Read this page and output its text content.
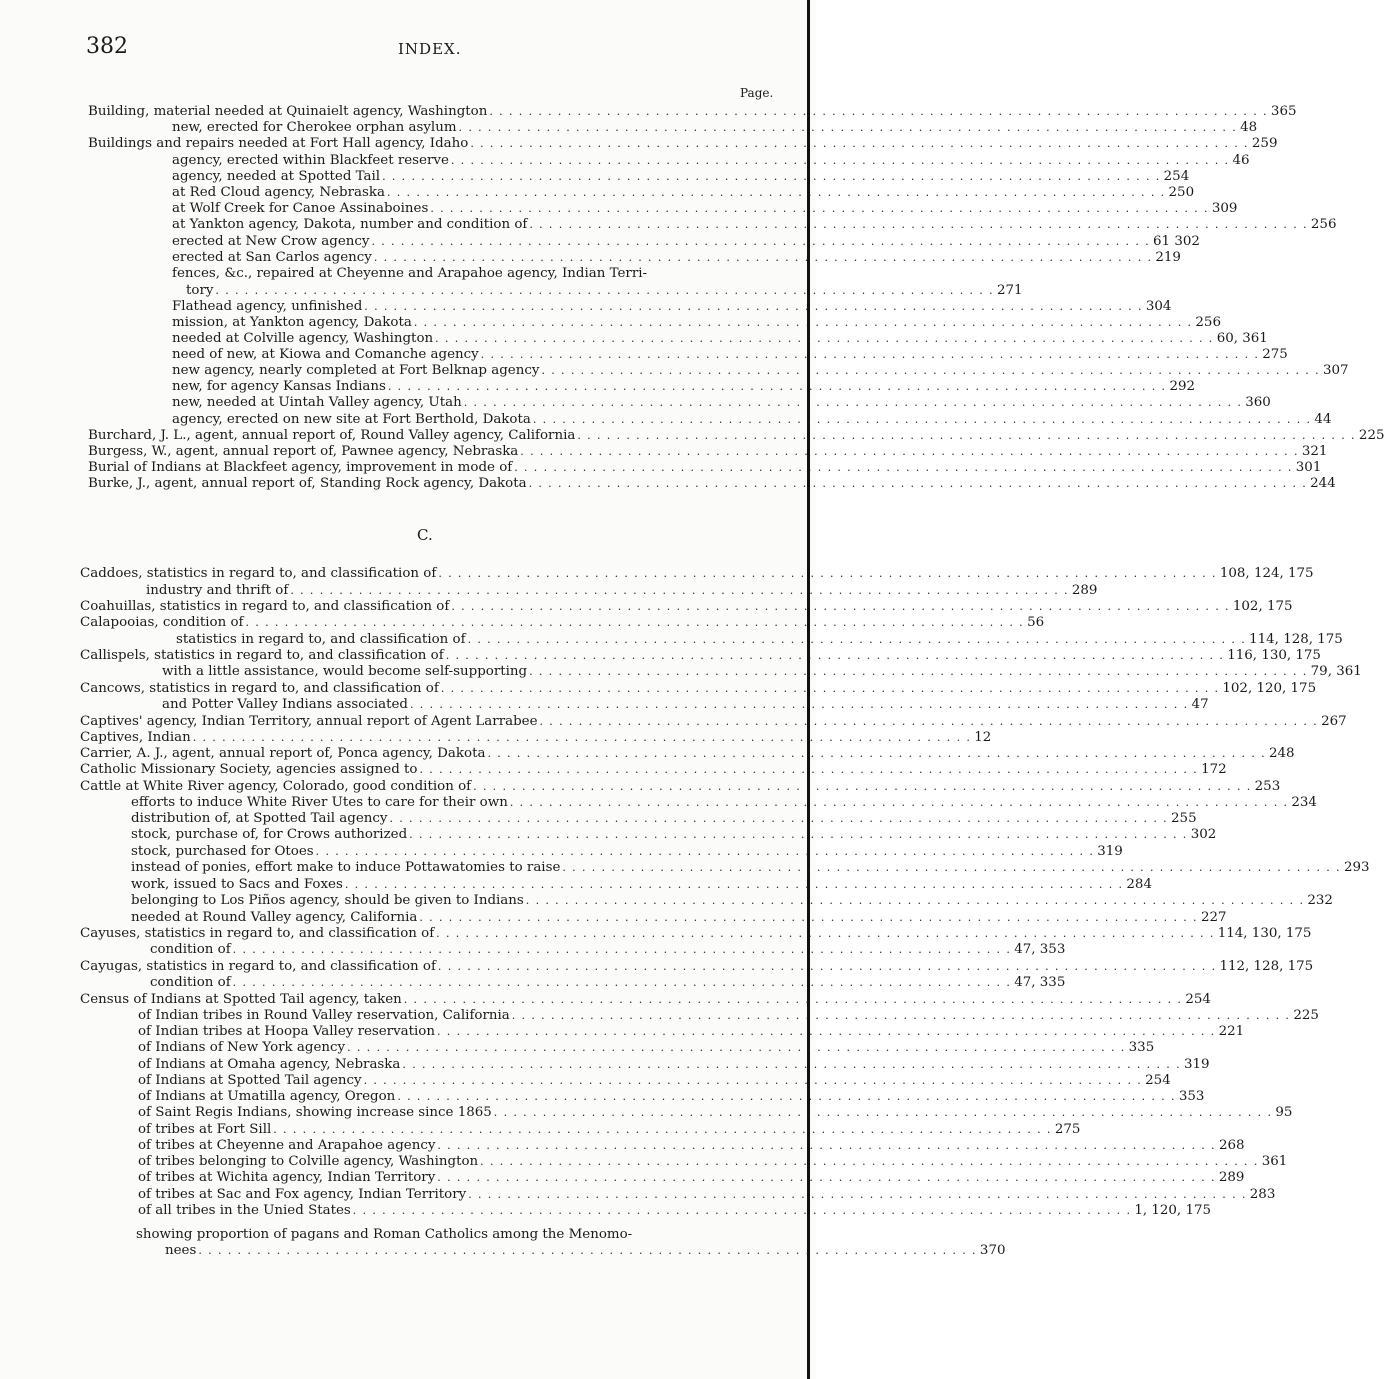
382	INDEX.
Page.
C.
Building, material needed at Quinaielt agency, Washington . . . . . . . . . . . . . . . . . . . . . . . . . . . . . . . . . . . . . . . . . . . . . . . . . . . . . . . . . . . . . . . . . . . . . . . . . . . . . . . . 365
new, erected for Cherokee orphan asylum . . . . . . . . . . . . . . . . . . . . . . . . . . . . . . . . . . . . . . . . . . . . . . . . . . . . . . . . . . . . . . . . . . . . . . . . . . . . . . . . 48
Buildings and repairs needed at Fort Hall agency, Idaho . . . . . . . . . . . . . . . . . . . . . . . . . . . . . . . . . . . . . . . . . . . . . . . . . . . . . . . . . . . . . . . . . . . . . . . . . . . . . . . . 259
agency, erected within Blackfeet reserve . . . . . . . . . . . . . . . . . . . . . . . . . . . . . . . . . . . . . . . . . . . . . . . . . . . . . . . . . . . . . . . . . . . . . . . . . . . . . . . . 46
agency, needed at Spotted Tail . . . . . . . . . . . . . . . . . . . . . . . . . . . . . . . . . . . . . . . . . . . . . . . . . . . . . . . . . . . . . . . . . . . . . . . . . . . . . . . . 254
at Red Cloud agency, Nebraska . . . . . . . . . . . . . . . . . . . . . . . . . . . . . . . . . . . . . . . . . . . . . . . . . . . . . . . . . . . . . . . . . . . . . . . . . . . . . . . . 250
at Wolf Creek for Canoe Assinaboines . . . . . . . . . . . . . . . . . . . . . . . . . . . . . . . . . . . . . . . . . . . . . . . . . . . . . . . . . . . . . . . . . . . . . . . . . . . . . . . . 309
at Yankton agency, Dakota, number and condition of . . . . . . . . . . . . . . . . . . . . . . . . . . . . . . . . . . . . . . . . . . . . . . . . . . . . . . . . . . . . . . . . . . . . . . . . . . . . . . . . 256
erected at New Crow agency . . . . . . . . . . . . . . . . . . . . . . . . . . . . . . . . . . . . . . . . . . . . . . . . . . . . . . . . . . . . . . . . . . . . . . . . . . . . . . . . 61 302
erected at San Carlos agency . . . . . . . . . . . . . . . . . . . . . . . . . . . . . . . . . . . . . . . . . . . . . . . . . . . . . . . . . . . . . . . . . . . . . . . . . . . . . . . . 219
fences, &c., repaired at Cheyenne and Arapahoe agency, Indian Terri-
tory . . . . . . . . . . . . . . . . . . . . . . . . . . . . . . . . . . . . . . . . . . . . . . . . . . . . . . . . . . . . . . . . . . . . . . . . . . . . . . . . 271
Flathead agency, unfinished . . . . . . . . . . . . . . . . . . . . . . . . . . . . . . . . . . . . . . . . . . . . . . . . . . . . . . . . . . . . . . . . . . . . . . . . . . . . . . . . 304
mission, at Yankton agency, Dakota . . . . . . . . . . . . . . . . . . . . . . . . . . . . . . . . . . . . . . . . . . . . . . . . . . . . . . . . . . . . . . . . . . . . . . . . . . . . . . . . 256
needed at Colville agency, Washington . . . . . . . . . . . . . . . . . . . . . . . . . . . . . . . . . . . . . . . . . . . . . . . . . . . . . . . . . . . . . . . . . . . . . . . . . . . . . . . . 60, 361
need of new, at Kiowa and Comanche agency . . . . . . . . . . . . . . . . . . . . . . . . . . . . . . . . . . . . . . . . . . . . . . . . . . . . . . . . . . . . . . . . . . . . . . . . . . . . . . . . 275
new agency, nearly completed at Fort Belknap agency . . . . . . . . . . . . . . . . . . . . . . . . . . . . . . . . . . . . . . . . . . . . . . . . . . . . . . . . . . . . . . . . . . . . . . . . . . . . . . . . 307
new, for agency Kansas Indians . . . . . . . . . . . . . . . . . . . . . . . . . . . . . . . . . . . . . . . . . . . . . . . . . . . . . . . . . . . . . . . . . . . . . . . . . . . . . . . . 292
new, needed at Uintah Valley agency, Utah . . . . . . . . . . . . . . . . . . . . . . . . . . . . . . . . . . . . . . . . . . . . . . . . . . . . . . . . . . . . . . . . . . . . . . . . . . . . . . . . 360
agency, erected on new site at Fort Berthold, Dakota . . . . . . . . . . . . . . . . . . . . . . . . . . . . . . . . . . . . . . . . . . . . . . . . . . . . . . . . . . . . . . . . . . . . . . . . . . . . . . . . 44
Burchard, J. L., agent, annual report of, Round Valley agency, California . . . . . . . . . . . . . . . . . . . . . . . . . . . . . . . . . . . . . . . . . . . . . . . . . . . . . . . . . . . . . . . . . . . . . . . . . . . . . . . . 225
Burgess, W., agent, annual report of, Pawnee agency, Nebraska . . . . . . . . . . . . . . . . . . . . . . . . . . . . . . . . . . . . . . . . . . . . . . . . . . . . . . . . . . . . . . . . . . . . . . . . . . . . . . . . 321
Burial of Indians at Blackfeet agency, improvement in mode of . . . . . . . . . . . . . . . . . . . . . . . . . . . . . . . . . . . . . . . . . . . . . . . . . . . . . . . . . . . . . . . . . . . . . . . . . . . . . . . . 301
Burke, J., agent, annual report of, Standing Rock agency, Dakota . . . . . . . . . . . . . . . . . . . . . . . . . . . . . . . . . . . . . . . . . . . . . . . . . . . . . . . . . . . . . . . . . . . . . . . . . . . . . . . . 244
Caddoes, statistics in regard to, and classification of . . . . . . . . . . . . . . . . . . . . . . . . . . . . . . . . . . . . . . . . . . . . . . . . . . . . . . . . . . . . . . . . . . . . . . . . . . . . . . . . 108, 124, 175
industry and thrift of . . . . . . . . . . . . . . . . . . . . . . . . . . . . . . . . . . . . . . . . . . . . . . . . . . . . . . . . . . . . . . . . . . . . . . . . . . . . . . . . 289
Coahuillas, statistics in regard to, and classification of . . . . . . . . . . . . . . . . . . . . . . . . . . . . . . . . . . . . . . . . . . . . . . . . . . . . . . . . . . . . . . . . . . . . . . . . . . . . . . . . 102, 175
Calapooias, condition of . . . . . . . . . . . . . . . . . . . . . . . . . . . . . . . . . . . . . . . . . . . . . . . . . . . . . . . . . . . . . . . . . . . . . . . . . . . . . . . . 56
statistics in regard to, and classification of . . . . . . . . . . . . . . . . . . . . . . . . . . . . . . . . . . . . . . . . . . . . . . . . . . . . . . . . . . . . . . . . . . . . . . . . . . . . . . . . 114, 128, 175
Callispels, statistics in regard to, and classification of . . . . . . . . . . . . . . . . . . . . . . . . . . . . . . . . . . . . . . . . . . . . . . . . . . . . . . . . . . . . . . . . . . . . . . . . . . . . . . . . 116, 130, 175
with a little assistance, would become self-supporting . . . . . . . . . . . . . . . . . . . . . . . . . . . . . . . . . . . . . . . . . . . . . . . . . . . . . . . . . . . . . . . . . . . . . . . . . . . . . . . . 79, 361
Cancows, statistics in regard to, and classification of . . . . . . . . . . . . . . . . . . . . . . . . . . . . . . . . . . . . . . . . . . . . . . . . . . . . . . . . . . . . . . . . . . . . . . . . . . . . . . . . 102, 120, 175
and Potter Valley Indians associated . . . . . . . . . . . . . . . . . . . . . . . . . . . . . . . . . . . . . . . . . . . . . . . . . . . . . . . . . . . . . . . . . . . . . . . . . . . . . . . . 47
Captives' agency, Indian Territory, annual report of Agent Larrabee . . . . . . . . . . . . . . . . . . . . . . . . . . . . . . . . . . . . . . . . . . . . . . . . . . . . . . . . . . . . . . . . . . . . . . . . . . . . . . . . 267
Captives, Indian . . . . . . . . . . . . . . . . . . . . . . . . . . . . . . . . . . . . . . . . . . . . . . . . . . . . . . . . . . . . . . . . . . . . . . . . . . . . . . . . 12
Carrier, A. J., agent, annual report of, Ponca agency, Dakota . . . . . . . . . . . . . . . . . . . . . . . . . . . . . . . . . . . . . . . . . . . . . . . . . . . . . . . . . . . . . . . . . . . . . . . . . . . . . . . . 248
Catholic Missionary Society, agencies assigned to . . . . . . . . . . . . . . . . . . . . . . . . . . . . . . . . . . . . . . . . . . . . . . . . . . . . . . . . . . . . . . . . . . . . . . . . . . . . . . . . 172
Cattle at White River agency, Colorado, good condition of . . . . . . . . . . . . . . . . . . . . . . . . . . . . . . . . . . . . . . . . . . . . . . . . . . . . . . . . . . . . . . . . . . . . . . . . . . . . . . . . 253
efforts to induce White River Utes to care for their own . . . . . . . . . . . . . . . . . . . . . . . . . . . . . . . . . . . . . . . . . . . . . . . . . . . . . . . . . . . . . . . . . . . . . . . . . . . . . . . . 234
distribution of, at Spotted Tail agency . . . . . . . . . . . . . . . . . . . . . . . . . . . . . . . . . . . . . . . . . . . . . . . . . . . . . . . . . . . . . . . . . . . . . . . . . . . . . . . . 255
stock, purchase of, for Crows authorized . . . . . . . . . . . . . . . . . . . . . . . . . . . . . . . . . . . . . . . . . . . . . . . . . . . . . . . . . . . . . . . . . . . . . . . . . . . . . . . . 302
stock, purchased for Otoes . . . . . . . . . . . . . . . . . . . . . . . . . . . . . . . . . . . . . . . . . . . . . . . . . . . . . . . . . . . . . . . . . . . . . . . . . . . . . . . . 319
instead of ponies, effort make to induce Pottawatomies to raise . . . . . . . . . . . . . . . . . . . . . . . . . . . . . . . . . . . . . . . . . . . . . . . . . . . . . . . . . . . . . . . . . . . . . . . . . . . . . . . . 293
work, issued to Sacs and Foxes . . . . . . . . . . . . . . . . . . . . . . . . . . . . . . . . . . . . . . . . . . . . . . . . . . . . . . . . . . . . . . . . . . . . . . . . . . . . . . . . 284
belonging to Los Piños agency, should be given to Indians . . . . . . . . . . . . . . . . . . . . . . . . . . . . . . . . . . . . . . . . . . . . . . . . . . . . . . . . . . . . . . . . . . . . . . . . . . . . . . . . 232
needed at Round Valley agency, California . . . . . . . . . . . . . . . . . . . . . . . . . . . . . . . . . . . . . . . . . . . . . . . . . . . . . . . . . . . . . . . . . . . . . . . . . . . . . . . . 227
Cayuses, statistics in regard to, and classification of . . . . . . . . . . . . . . . . . . . . . . . . . . . . . . . . . . . . . . . . . . . . . . . . . . . . . . . . . . . . . . . . . . . . . . . . . . . . . . . . 114, 130, 175
condition of . . . . . . . . . . . . . . . . . . . . . . . . . . . . . . . . . . . . . . . . . . . . . . . . . . . . . . . . . . . . . . . . . . . . . . . . . . . . . . . . 47, 353
Cayugas, statistics in regard to, and classification of . . . . . . . . . . . . . . . . . . . . . . . . . . . . . . . . . . . . . . . . . . . . . . . . . . . . . . . . . . . . . . . . . . . . . . . . . . . . . . . . 112, 128, 175
condition of . . . . . . . . . . . . . . . . . . . . . . . . . . . . . . . . . . . . . . . . . . . . . . . . . . . . . . . . . . . . . . . . . . . . . . . . . . . . . . . . 47, 335
Census of Indians at Spotted Tail agency, taken . . . . . . . . . . . . . . . . . . . . . . . . . . . . . . . . . . . . . . . . . . . . . . . . . . . . . . . . . . . . . . . . . . . . . . . . . . . . . . . . 254
of Indian tribes in Round Valley reservation, California . . . . . . . . . . . . . . . . . . . . . . . . . . . . . . . . . . . . . . . . . . . . . . . . . . . . . . . . . . . . . . . . . . . . . . . . . . . . . . . . 225
of Indian tribes at Hoopa Valley reservation . . . . . . . . . . . . . . . . . . . . . . . . . . . . . . . . . . . . . . . . . . . . . . . . . . . . . . . . . . . . . . . . . . . . . . . . . . . . . . . . 221
of Indians of New York agency . . . . . . . . . . . . . . . . . . . . . . . . . . . . . . . . . . . . . . . . . . . . . . . . . . . . . . . . . . . . . . . . . . . . . . . . . . . . . . . . 335
of Indians at Omaha agency, Nebraska . . . . . . . . . . . . . . . . . . . . . . . . . . . . . . . . . . . . . . . . . . . . . . . . . . . . . . . . . . . . . . . . . . . . . . . . . . . . . . . . 319
of Indians at Spotted Tail agency . . . . . . . . . . . . . . . . . . . . . . . . . . . . . . . . . . . . . . . . . . . . . . . . . . . . . . . . . . . . . . . . . . . . . . . . . . . . . . . . 254
of Indians at Umatilla agency, Oregon . . . . . . . . . . . . . . . . . . . . . . . . . . . . . . . . . . . . . . . . . . . . . . . . . . . . . . . . . . . . . . . . . . . . . . . . . . . . . . . . 353
of Saint Regis Indians, showing increase since 1865 . . . . . . . . . . . . . . . . . . . . . . . . . . . . . . . . . . . . . . . . . . . . . . . . . . . . . . . . . . . . . . . . . . . . . . . . . . . . . . . . 95
of tribes at Fort Sill . . . . . . . . . . . . . . . . . . . . . . . . . . . . . . . . . . . . . . . . . . . . . . . . . . . . . . . . . . . . . . . . . . . . . . . . . . . . . . . . 275
of tribes at Cheyenne and Arapahoe agency . . . . . . . . . . . . . . . . . . . . . . . . . . . . . . . . . . . . . . . . . . . . . . . . . . . . . . . . . . . . . . . . . . . . . . . . . . . . . . . . 268
of tribes belonging to Colville agency, Washington . . . . . . . . . . . . . . . . . . . . . . . . . . . . . . . . . . . . . . . . . . . . . . . . . . . . . . . . . . . . . . . . . . . . . . . . . . . . . . . . 361
of tribes at Wichita agency, Indian Territory . . . . . . . . . . . . . . . . . . . . . . . . . . . . . . . . . . . . . . . . . . . . . . . . . . . . . . . . . . . . . . . . . . . . . . . . . . . . . . . . 289
of tribes at Sac and Fox agency, Indian Territory . . . . . . . . . . . . . . . . . . . . . . . . . . . . . . . . . . . . . . . . . . . . . . . . . . . . . . . . . . . . . . . . . . . . . . . . . . . . . . . . 283
of all tribes in the Unied States . . . . . . . . . . . . . . . . . . . . . . . . . . . . . . . . . . . . . . . . . . . . . . . . . . . . . . . . . . . . . . . . . . . . . . . . . . . . . . . . 1, 120, 175
showing proportion of pagans and Roman Catholics among the Menomo-
nees . . . . . . . . . . . . . . . . . . . . . . . . . . . . . . . . . . . . . . . . . . . . . . . . . . . . . . . . . . . . . . . . . . . . . . . . . . . . . . . . 370
